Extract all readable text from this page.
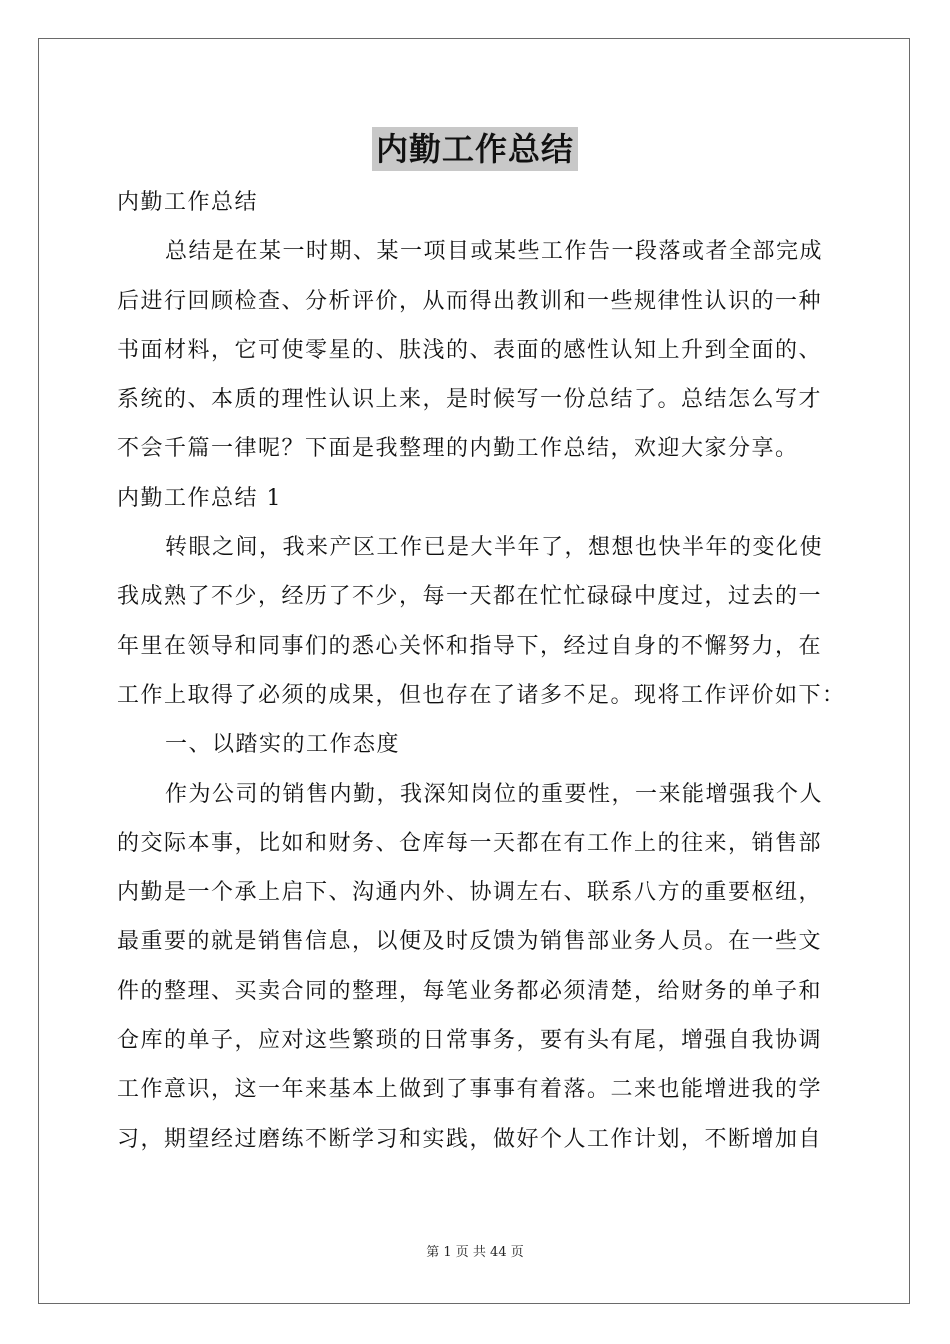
内勤工作总结
内勤工作总结
总结是在某一时期、某一项目或某些工作告一段落或者全部完成
后进行回顾检查、分析评价，从而得出教训和一些规律性认识的一种
书面材料，它可使零星的、肤浅的、表面的感性认知上升到全面的、
系统的、本质的理性认识上来，是时候写一份总结了。总结怎么写才
不会千篇一律呢？下面是我整理的内勤工作总结，欢迎大家分享。
内勤工作总结 1
转眼之间，我来产区工作已是大半年了，想想也快半年的变化使
我成熟了不少，经历了不少，每一天都在忙忙碌碌中度过，过去的一
年里在领导和同事们的悉心关怀和指导下，经过自身的不懈努力，在
工作上取得了必须的成果，但也存在了诸多不足。现将工作评价如下：
一、以踏实的工作态度
作为公司的销售内勤，我深知岗位的重要性，一来能增强我个人
的交际本事，比如和财务、仓库每一天都在有工作上的往来，销售部
内勤是一个承上启下、沟通内外、协调左右、联系八方的重要枢纽，
最重要的就是销售信息，以便及时反馈为销售部业务人员。在一些文
件的整理、买卖合同的整理，每笔业务都必须清楚，给财务的单子和
仓库的单子，应对这些繁琐的日常事务，要有头有尾，增强自我协调
工作意识，这一年来基本上做到了事事有着落。二来也能增进我的学
习，期望经过磨练不断学习和实践，做好个人工作计划，不断增加自
第 1 页 共 44 页
